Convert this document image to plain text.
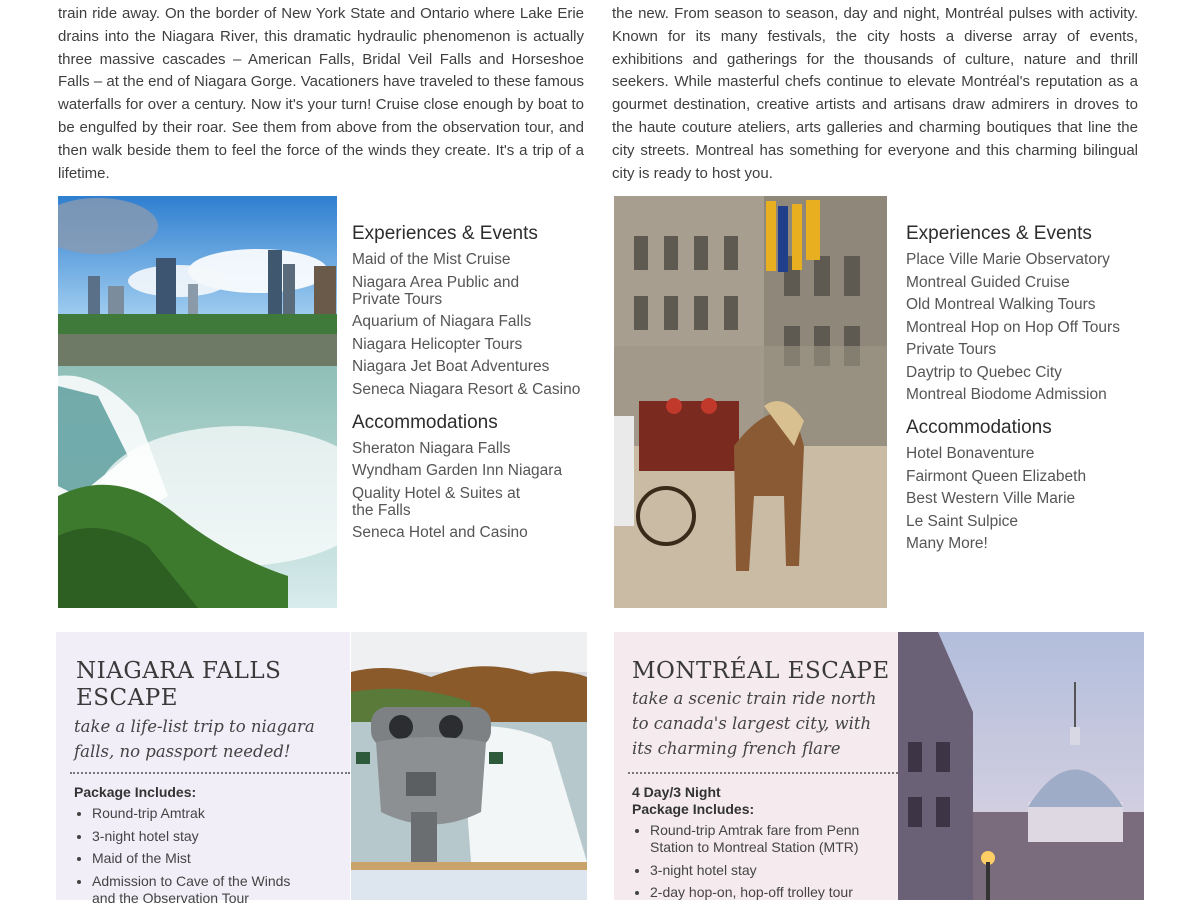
train ride away. On the border of New York State and Ontario where Lake Erie drains into the Niagara River, this dramatic hydraulic phenomenon is actually three massive cascades – American Falls, Bridal Veil Falls and Horseshoe Falls – at the end of Niagara Gorge. Vacationers have traveled to these famous waterfalls for over a century. Now it's your turn! Cruise close enough by boat to be engulfed by their roar. See them from above from the observation tour, and then walk beside them to feel the force of the winds they create. It's a trip of a lifetime.
the new. From season to season, day and night, Montréal pulses with activity. Known for its many festivals, the city hosts a diverse array of events, exhibitions and gatherings for the thousands of culture, nature and thrill seekers. While masterful chefs continue to elevate Montréal's reputation as a gourmet destination, creative artists and artisans draw admirers in droves to the haute couture ateliers, arts galleries and charming boutiques that line the city streets. Montreal has something for everyone and this charming bilingual city is ready to host you.
Experiences & Events
Maid of the Mist Cruise
Niagara Area Public and Private Tours
Aquarium of Niagara Falls
Niagara Helicopter Tours
Niagara Jet Boat Adventures
Seneca Niagara Resort & Casino
Accommodations
Sheraton Niagara Falls
Wyndham Garden Inn Niagara
Quality Hotel & Suites at the Falls
Seneca Hotel and Casino
Experiences & Events
Place Ville Marie Observatory
Montreal Guided Cruise
Old Montreal Walking Tours
Montreal Hop on Hop Off Tours
Private Tours
Daytrip to Quebec City
Montreal Biodome Admission
Accommodations
Hotel Bonaventure
Fairmont Queen Elizabeth
Best Western Ville Marie
Le Saint Sulpice
Many More!
NIAGARA FALLS
ESCAPE
take a life-list trip to niagara
falls, no passport needed!
Package Includes:
• Round-trip Amtrak
• 3-night hotel stay
• Maid of the Mist
• Admission to Cave of the Winds and the Observation Tour
MONTRÉAL ESCAPE
take a scenic train ride north
to canada's largest city, with
its charming french flare
4 Day/3 Night
Package Includes:
• Round-trip Amtrak fare from Penn Station to Montreal Station (MTR)
• 3-night hotel stay
• 2-day hop-on, hop-off trolley tour
